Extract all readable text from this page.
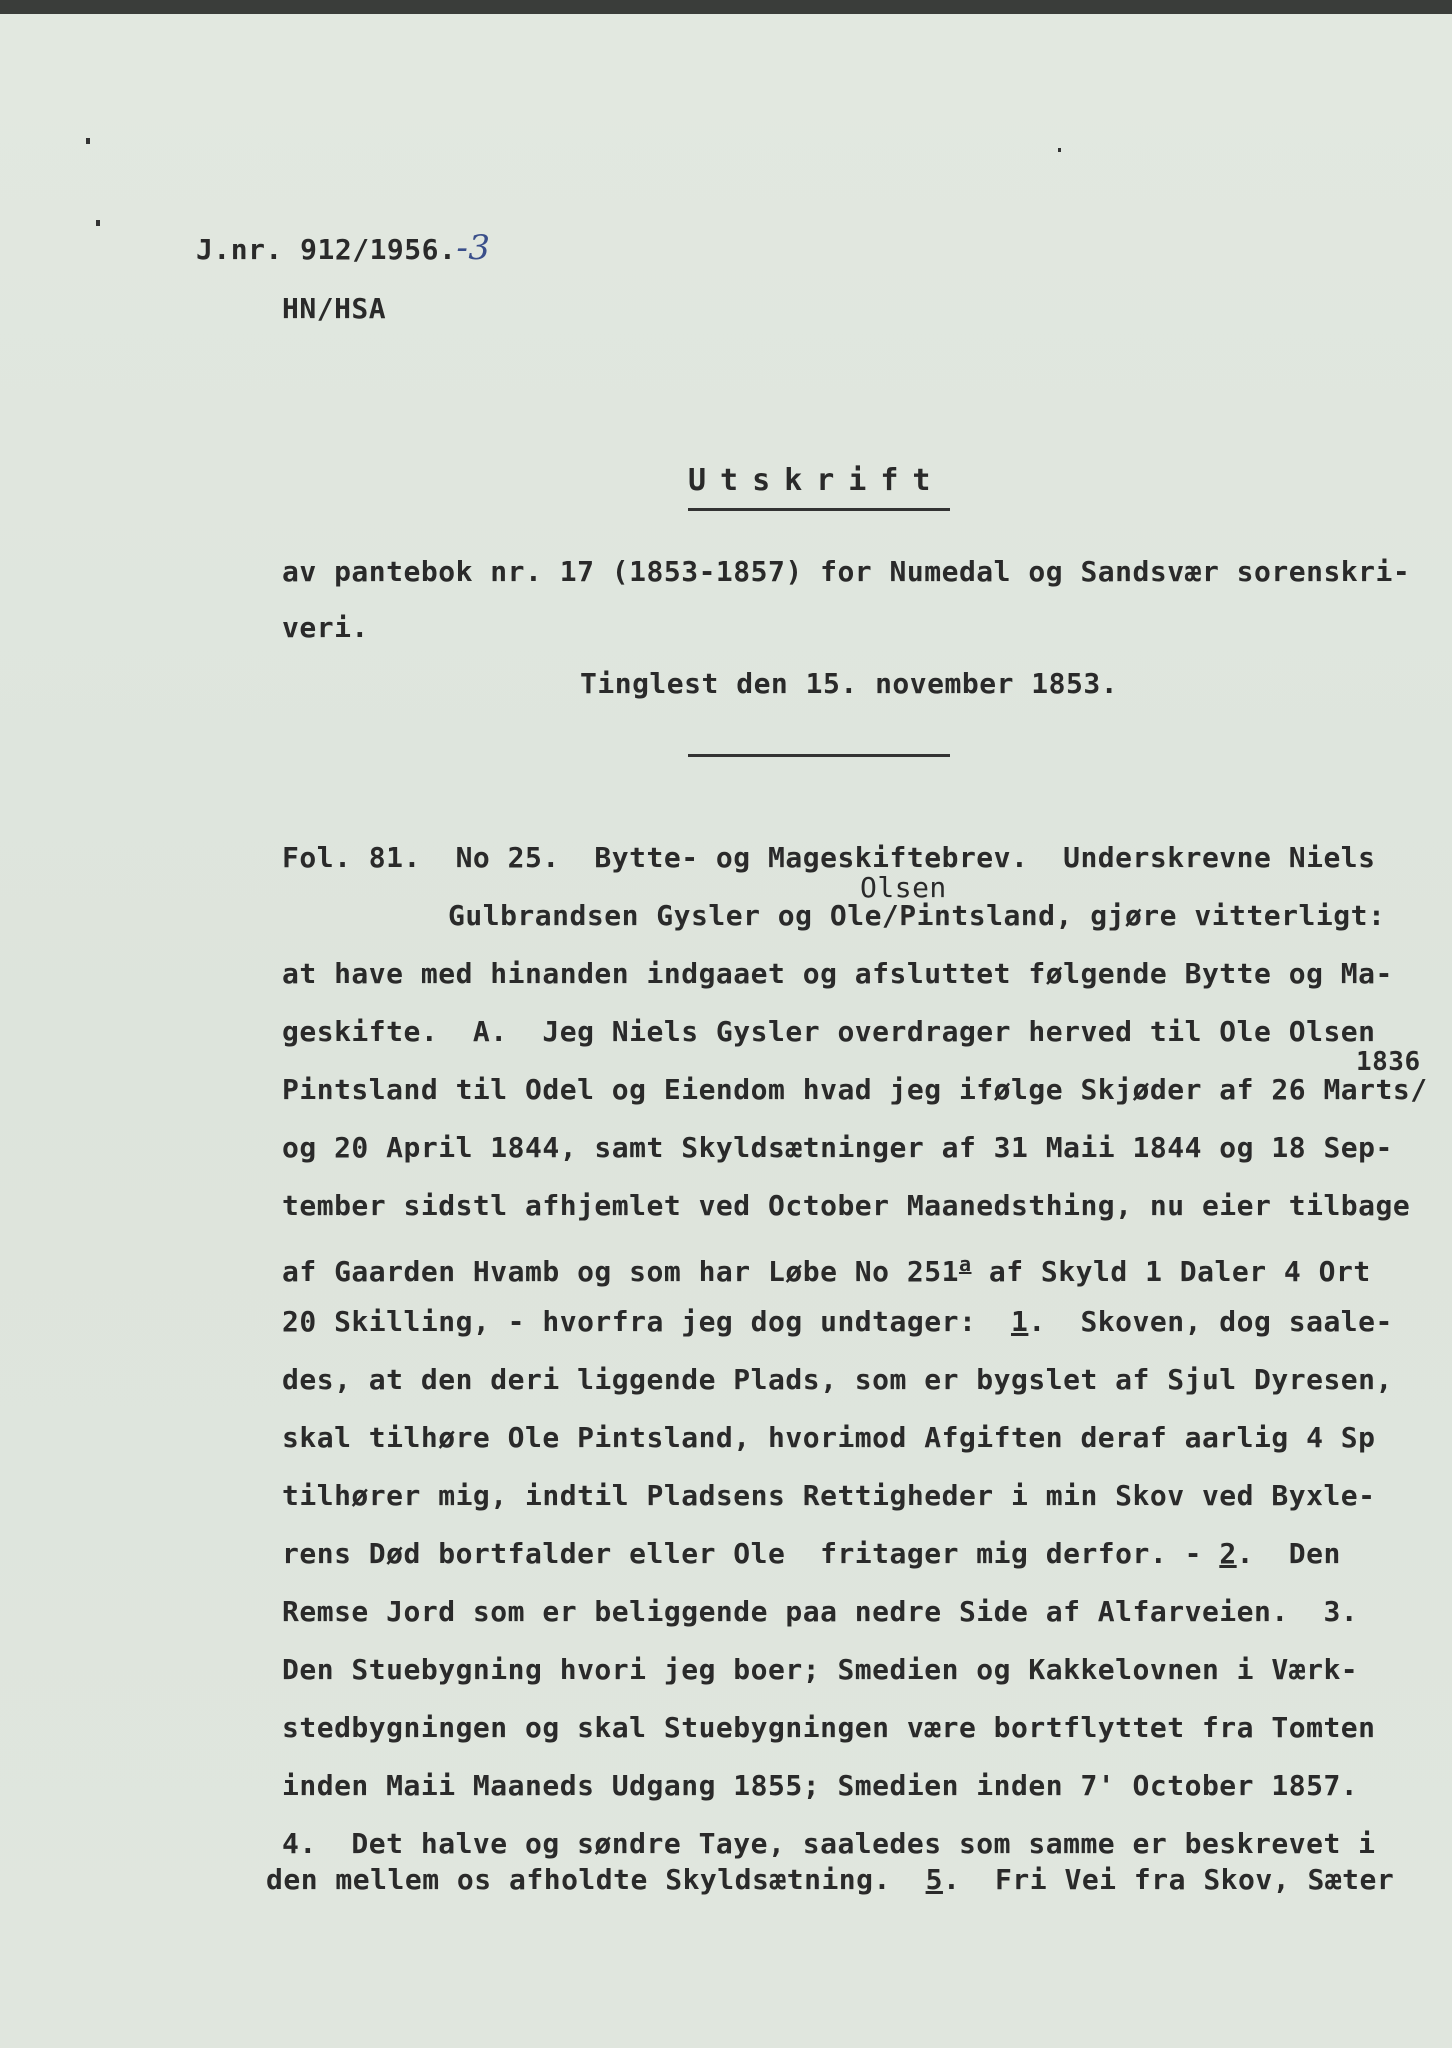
J.nr. 912/1956.-3
HN/HSA
Utskrift
av pantebok nr. 17 (1853-1857) for Numedal og Sandsvær sorenskri-
veri.
Tinglest den 15. november 1853.
Fol. 81.  No 25.  Bytte- og Mageskiftebrev.  Underskrevne Niels
Olsen
Gulbrandsen Gysler og Ole/Pintsland, gjøre vitterligt:
at have med hinanden indgaaet og afsluttet følgende Bytte og Ma-
geskifte.  A.  Jeg Niels Gysler overdrager herved til Ole Olsen
1836
Pintsland til Odel og Eiendom hvad jeg ifølge Skjøder af 26 Marts/
og 20 April 1844, samt Skyldsætninger af 31 Maii 1844 og 18 Sep-
tember sidstl afhjemlet ved October Maanedsthing, nu eier tilbage
af Gaarden Hvamb og som har Løbe No 251$^a$ af Skyld 1 Daler 4 Ort
20 Skilling, - hvorfra jeg dog undtager:  1.  Skoven, dog saale-
des, at den deri liggende Plads, som er bygslet af Sjul Dyresen,
skal tilhøre Ole Pintsland, hvorimod Afgiften deraf aarlig 4 Sp
tilhører mig, indtil Pladsens Rettigheder i min Skov ved Byxle-
rens Død bortfalder eller Ole  fritager mig derfor. - 2.  Den
Remse Jord som er beliggende paa nedre Side af Alfarveien.  3.
Den Stuebygning hvori jeg boer; Smedien og Kakkelovnen i Værk-
stedbygningen og skal Stuebygningen være bortflyttet fra Tomten
inden Maii Maaneds Udgang 1855; Smedien inden 7' October 1857.
4.  Det halve og søndre Taye, saaledes som samme er beskrevet i
den mellem os afholdte Skyldsætning.  5.  Fri Vei fra Skov, Sæter
